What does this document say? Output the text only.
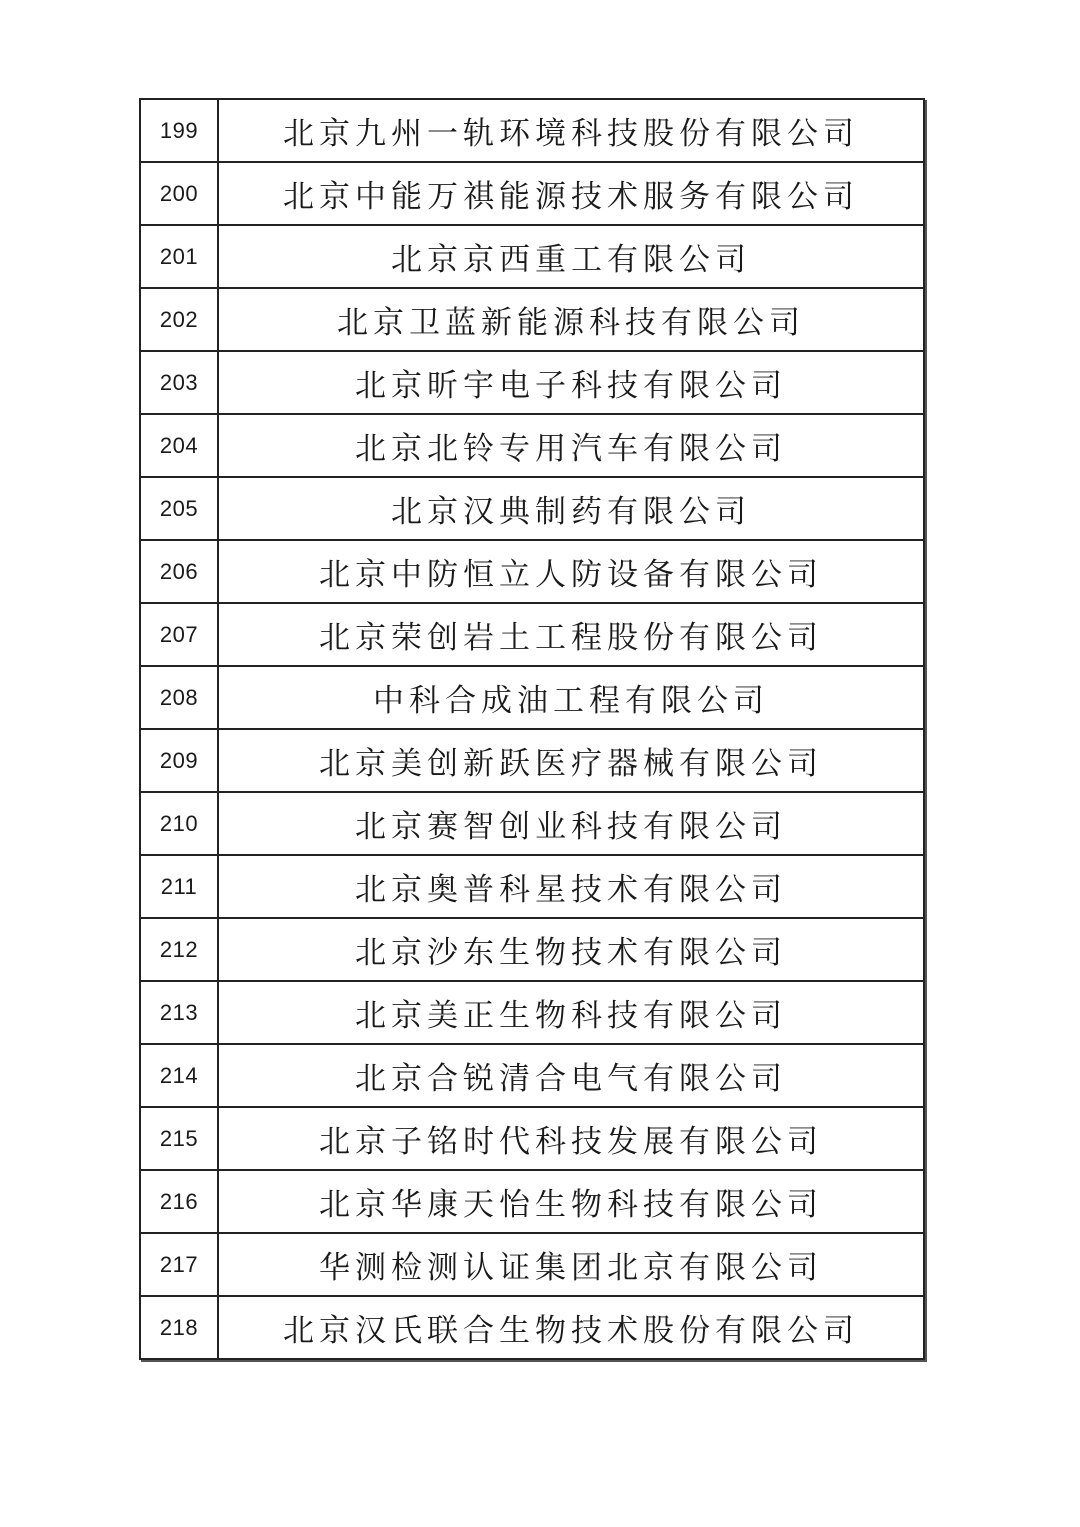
199	北京九州一轨环境科技股份有限公司
200	北京中能万祺能源技术服务有限公司
201	北京京西重工有限公司
202	北京卫蓝新能源科技有限公司
203	北京昕宇电子科技有限公司
204	北京北铃专用汽车有限公司
205	北京汉典制药有限公司
206	北京中防恒立人防设备有限公司
207	北京荣创岩土工程股份有限公司
208	中科合成油工程有限公司
209	北京美创新跃医疗器械有限公司
210	北京赛智创业科技有限公司
211	北京奥普科星技术有限公司
212	北京沙东生物技术有限公司
213	北京美正生物科技有限公司
214	北京合锐清合电气有限公司
215	北京子铭时代科技发展有限公司
216	北京华康天怡生物科技有限公司
217	华测检测认证集团北京有限公司
218	北京汉氏联合生物技术股份有限公司
